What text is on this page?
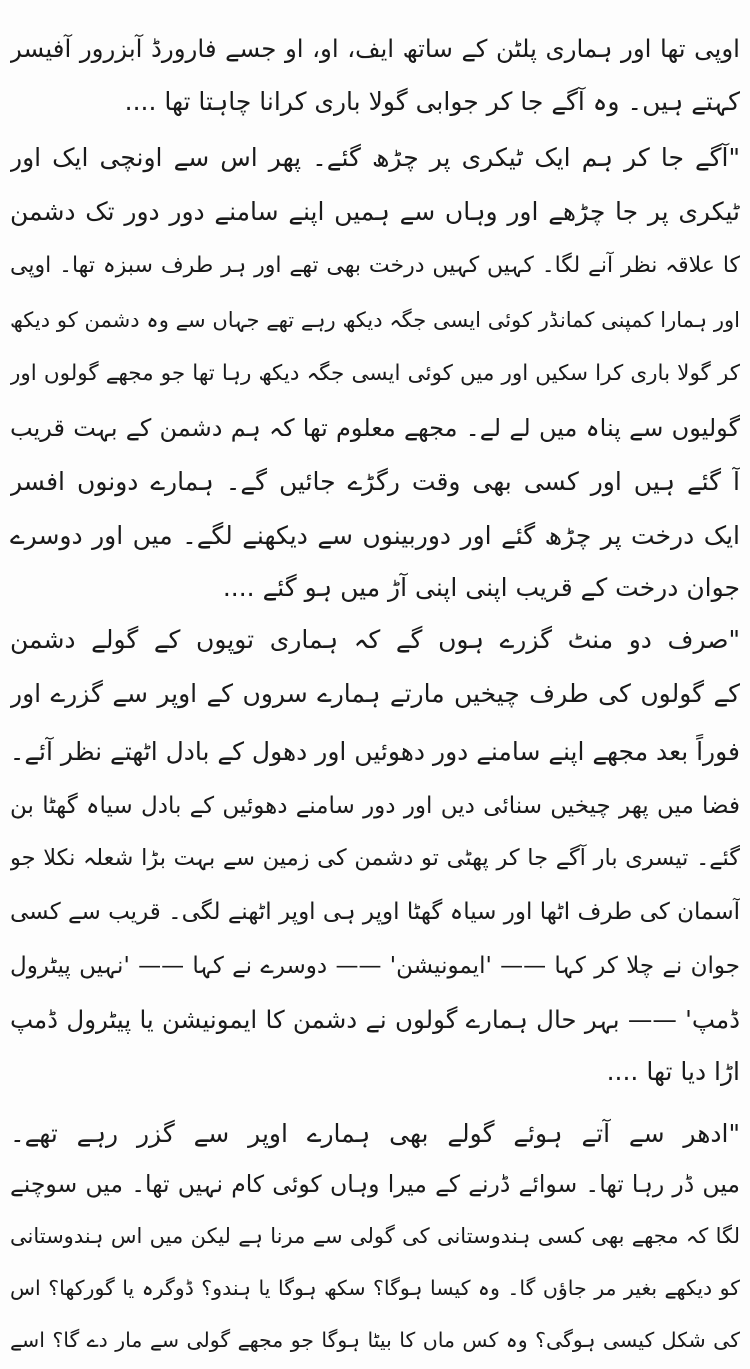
اوپی تھا اور ہماری پلٹن کے ساتھ ایف، او، او جسے فارورڈ آبزرور آفیسر
کہتے ہیں۔ وہ آگے جا کر جوابی گولا باری کرانا چاہتا تھا ....
"آگے جا کر ہم ایک ٹیکری پر چڑھ گئے۔ پھر اس سے اونچی ایک اور
ٹیکری پر جا چڑھے اور وہاں سے ہمیں اپنے سامنے دور دور تک دشمن
کا علاقہ نظر آنے لگا۔ کہیں کہیں درخت بھی تھے اور ہر طرف سبزہ تھا۔ اوپی
اور ہمارا کمپنی کمانڈر کوئی ایسی جگہ دیکھ رہے تھے جہاں سے وہ دشمن کو دیکھ
کر گولا باری کرا سکیں اور میں کوئی ایسی جگہ دیکھ رہا تھا جو مجھے گولوں اور
گولیوں سے پناہ میں لے لے۔ مجھے معلوم تھا کہ ہم دشمن کے بہت قریب
آ گئے ہیں اور کسی بھی وقت رگڑے جائیں گے۔ ہمارے دونوں افسر
ایک درخت پر چڑھ گئے اور دوربینوں سے دیکھنے لگے۔ میں اور دوسرے
جوان درخت کے قریب اپنی اپنی آڑ میں ہو گئے ....
"صرف دو منٹ گزرے ہوں گے کہ ہماری توپوں کے گولے دشمن
کے گولوں کی طرف چیخیں مارتے ہمارے سروں کے اوپر سے گزرے اور
فوراً بعد مجھے اپنے سامنے دور دھوئیں اور دھول کے بادل اٹھتے نظر آئے۔
فضا میں پھر چیخیں سنائی دیں اور دور سامنے دھوئیں کے بادل سیاہ گھٹا بن
گئے۔ تیسری بار آگے جا کر پھٹی تو دشمن کی زمین سے بہت بڑا شعلہ نکلا جو
آسمان کی طرف اٹھا اور سیاہ گھٹا اوپر ہی اوپر اٹھنے لگی۔ قریب سے کسی
جوان نے چلا کر کہا —— 'ایمونیشن' —— دوسرے نے کہا —— 'نہیں پیٹرول
ڈمپ' —— بہر حال ہمارے گولوں نے دشمن کا ایمونیشن یا پیٹرول ڈمپ
اڑا دیا تھا ....
"ادھر سے آتے ہوئے گولے بھی ہمارے اوپر سے گزر رہے تھے۔
میں ڈر رہا تھا۔ سوائے ڈرنے کے میرا وہاں کوئی کام نہیں تھا۔ میں سوچنے
لگا کہ مجھے بھی کسی ہندوستانی کی گولی سے مرنا ہے لیکن میں اس ہندوستانی
کو دیکھے بغیر مر جاؤں گا۔ وہ کیسا ہوگا؟ سکھ ہوگا یا ہندو؟ ڈوگرہ یا گورکھا؟ اس
کی شکل کیسی ہوگی؟ وہ کس ماں کا بیٹا ہوگا جو مجھے گولی سے مار دے گا؟ اسے
